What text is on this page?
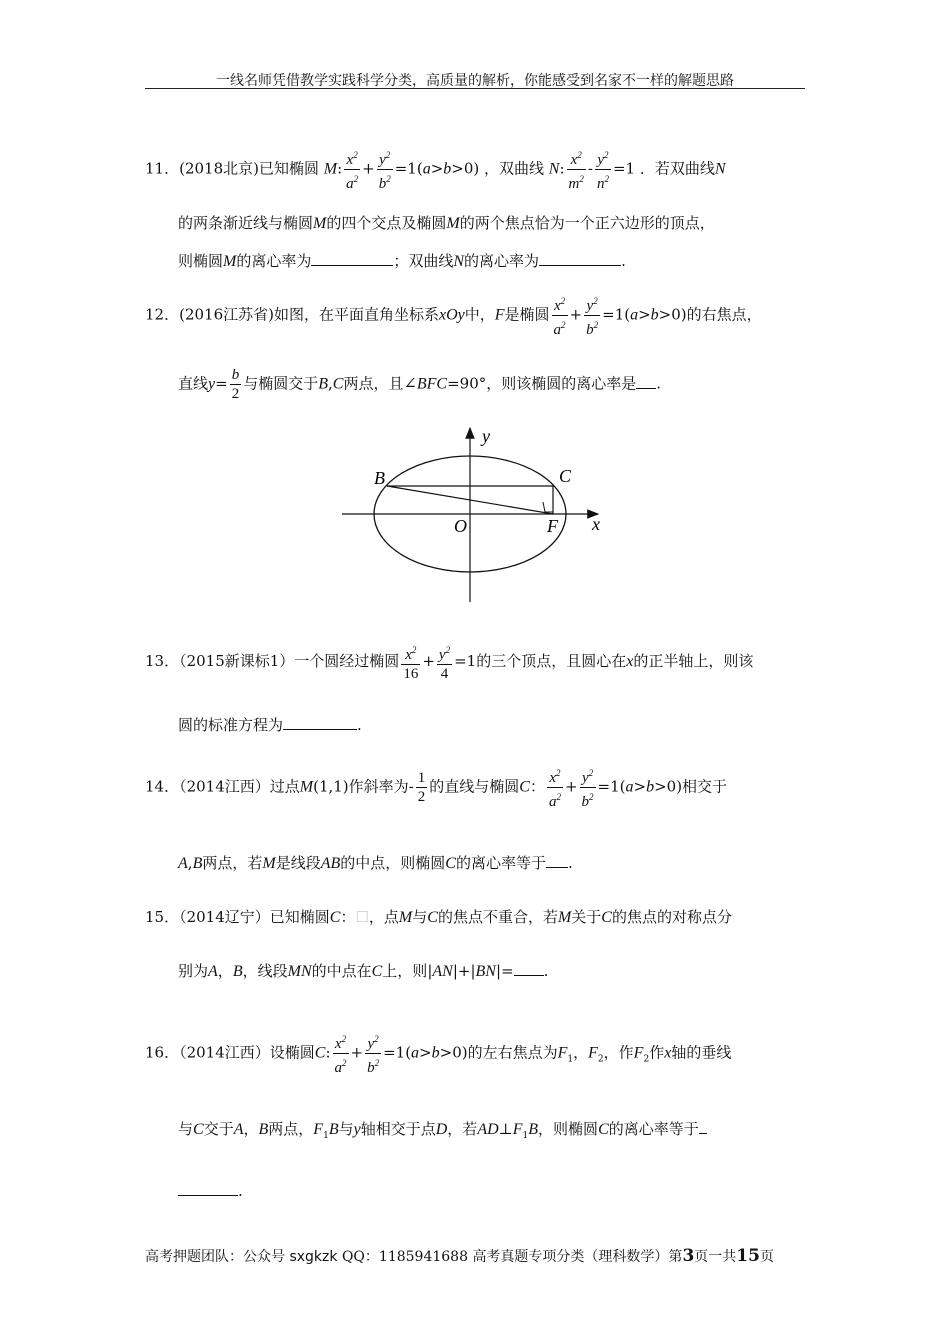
一线名师凭借教学实践科学分类，高质量的解析，你能感受到名家不一样的解题思路
11．(2018北京)已知椭圆 M: $\frac{x^2}{a^2} + \frac{y^2}{b^2} =1(a>b>0)$ ，双曲线 N: $\frac{x^2}{m^2} - \frac{y^2}{n^2} =1$ ．若双曲线N
的两条渐近线与椭圆M的四个交点及椭圆M的两个焦点恰为一个正六边形的顶点，
则椭圆M的离心率为	；双曲线N的离心率为	.
12．(2016江苏省)如图，在平面直角坐标系xOy中，F是椭圆 $\frac{x^2}{a^2} + \frac{y^2}{b^2} =1(a>b>0)$的右焦点，
直线$y= \frac{b}{2}$ 与椭圆交于B,C两点，且∠BFC=90°，则该椭圆的离心率是 .
y
x
B	C
O	F
13．（2015新课标1）一个圆经过椭圆 $\frac{x^2}{16} + \frac{y^2}{4} =1$的三个顶点，且圆心在x的正半轴上，则该
圆的标准方程为	.
14．（2014江西）过点M(1,1)作斜率为- $\frac{1}{2}$ 的直线与椭圆C： $\frac{x^2}{a^2} + \frac{y^2}{b^2} =1(a>b>0)$相交于
A,B两点，若M是线段AB的中点，则椭圆C的离心率等于 .
15．（2014辽宁）已知椭圆C：☐，点M与C的焦点不重合，若M关于C的焦点的对称点分
别为A，B，线段MN的中点在C上，则|AN|+|BN|= .
16．（2014江西）设椭圆C: $\frac{x^2}{a^2} + \frac{y^2}{b^2} =1(a>b>0)$的左右焦点为$F_1$，$F_2$，作$F_2$作x轴的垂线
与C交于A，B两点，$F_1B$与y轴相交于点D，若$AD\perp F_1B$，则椭圆C的离心率等于
.
高考押题团队：公众号 sxgkzk QQ：1185941688 高考真题专项分类（理科数学）第3页一共15页
